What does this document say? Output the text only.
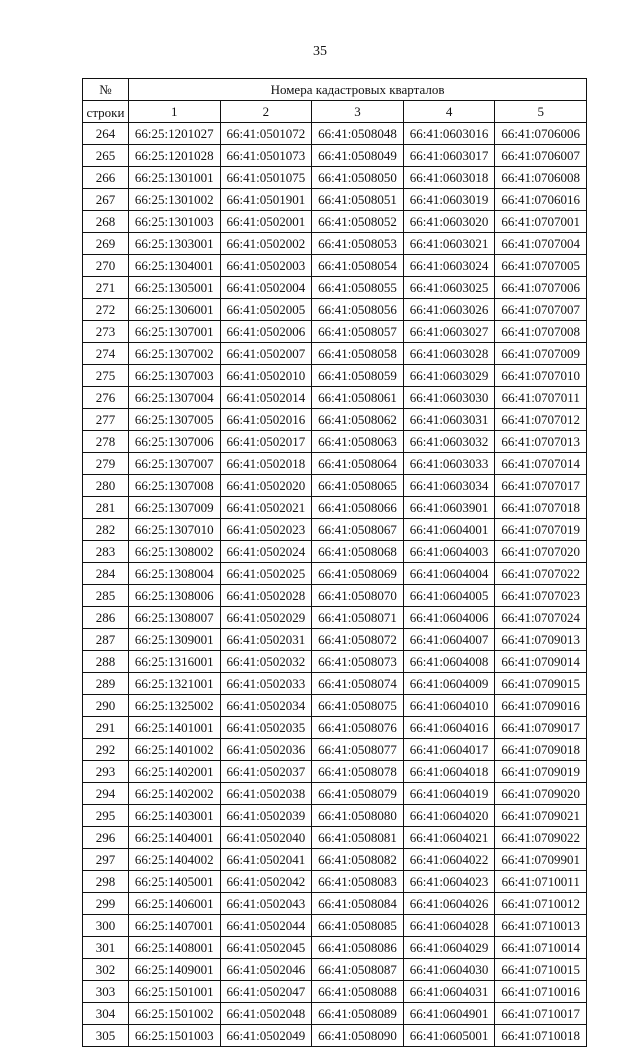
35
№	Номера кадастровых кварталов				
строки	1	2	3	4	5
264	66:25:1201027	66:41:0501072	66:41:0508048	66:41:0603016	66:41:0706006
265	66:25:1201028	66:41:0501073	66:41:0508049	66:41:0603017	66:41:0706007
266	66:25:1301001	66:41:0501075	66:41:0508050	66:41:0603018	66:41:0706008
267	66:25:1301002	66:41:0501901	66:41:0508051	66:41:0603019	66:41:0706016
268	66:25:1301003	66:41:0502001	66:41:0508052	66:41:0603020	66:41:0707001
269	66:25:1303001	66:41:0502002	66:41:0508053	66:41:0603021	66:41:0707004
270	66:25:1304001	66:41:0502003	66:41:0508054	66:41:0603024	66:41:0707005
271	66:25:1305001	66:41:0502004	66:41:0508055	66:41:0603025	66:41:0707006
272	66:25:1306001	66:41:0502005	66:41:0508056	66:41:0603026	66:41:0707007
273	66:25:1307001	66:41:0502006	66:41:0508057	66:41:0603027	66:41:0707008
274	66:25:1307002	66:41:0502007	66:41:0508058	66:41:0603028	66:41:0707009
275	66:25:1307003	66:41:0502010	66:41:0508059	66:41:0603029	66:41:0707010
276	66:25:1307004	66:41:0502014	66:41:0508061	66:41:0603030	66:41:0707011
277	66:25:1307005	66:41:0502016	66:41:0508062	66:41:0603031	66:41:0707012
278	66:25:1307006	66:41:0502017	66:41:0508063	66:41:0603032	66:41:0707013
279	66:25:1307007	66:41:0502018	66:41:0508064	66:41:0603033	66:41:0707014
280	66:25:1307008	66:41:0502020	66:41:0508065	66:41:0603034	66:41:0707017
281	66:25:1307009	66:41:0502021	66:41:0508066	66:41:0603901	66:41:0707018
282	66:25:1307010	66:41:0502023	66:41:0508067	66:41:0604001	66:41:0707019
283	66:25:1308002	66:41:0502024	66:41:0508068	66:41:0604003	66:41:0707020
284	66:25:1308004	66:41:0502025	66:41:0508069	66:41:0604004	66:41:0707022
285	66:25:1308006	66:41:0502028	66:41:0508070	66:41:0604005	66:41:0707023
286	66:25:1308007	66:41:0502029	66:41:0508071	66:41:0604006	66:41:0707024
287	66:25:1309001	66:41:0502031	66:41:0508072	66:41:0604007	66:41:0709013
288	66:25:1316001	66:41:0502032	66:41:0508073	66:41:0604008	66:41:0709014
289	66:25:1321001	66:41:0502033	66:41:0508074	66:41:0604009	66:41:0709015
290	66:25:1325002	66:41:0502034	66:41:0508075	66:41:0604010	66:41:0709016
291	66:25:1401001	66:41:0502035	66:41:0508076	66:41:0604016	66:41:0709017
292	66:25:1401002	66:41:0502036	66:41:0508077	66:41:0604017	66:41:0709018
293	66:25:1402001	66:41:0502037	66:41:0508078	66:41:0604018	66:41:0709019
294	66:25:1402002	66:41:0502038	66:41:0508079	66:41:0604019	66:41:0709020
295	66:25:1403001	66:41:0502039	66:41:0508080	66:41:0604020	66:41:0709021
296	66:25:1404001	66:41:0502040	66:41:0508081	66:41:0604021	66:41:0709022
297	66:25:1404002	66:41:0502041	66:41:0508082	66:41:0604022	66:41:0709901
298	66:25:1405001	66:41:0502042	66:41:0508083	66:41:0604023	66:41:0710011
299	66:25:1406001	66:41:0502043	66:41:0508084	66:41:0604026	66:41:0710012
300	66:25:1407001	66:41:0502044	66:41:0508085	66:41:0604028	66:41:0710013
301	66:25:1408001	66:41:0502045	66:41:0508086	66:41:0604029	66:41:0710014
302	66:25:1409001	66:41:0502046	66:41:0508087	66:41:0604030	66:41:0710015
303	66:25:1501001	66:41:0502047	66:41:0508088	66:41:0604031	66:41:0710016
304	66:25:1501002	66:41:0502048	66:41:0508089	66:41:0604901	66:41:0710017
305	66:25:1501003	66:41:0502049	66:41:0508090	66:41:0605001	66:41:0710018
